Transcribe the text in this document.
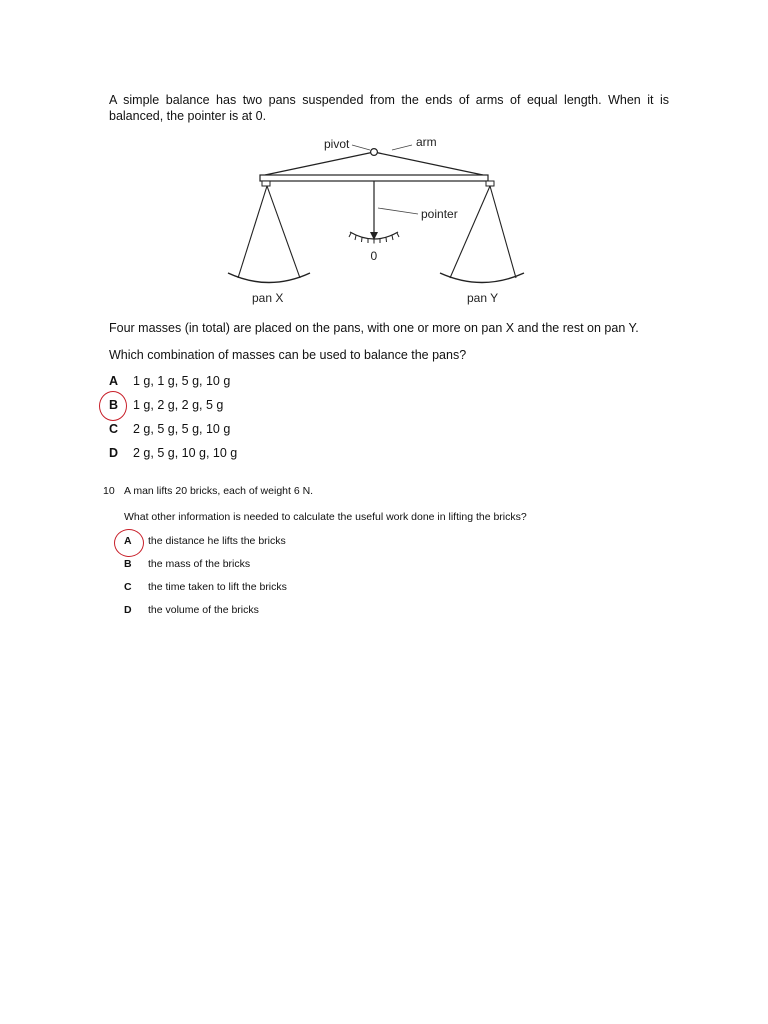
A simple balance has two pans suspended from the ends of arms of equal length. When it is
balanced, the pointer is at 0.
pivot	arm
pointer
0
pan X	pan Y
Four masses (in total) are placed on the pans, with one or more on pan X and the rest on pan Y.
Which combination of masses can be used to balance the pans?
A 1 g, 1 g, 5 g, 10 g
B 1 g, 2 g, 2 g, 5 g
C 2 g, 5 g, 5 g, 10 g
D 2 g, 5 g, 10 g, 10 g
10 A man lifts 20 bricks, each of weight 6 N.
What other information is needed to calculate the useful work done in lifting the bricks?
A the distance he lifts the bricks
B the mass of the bricks
C the time taken to lift the bricks
D the volume of the bricks
